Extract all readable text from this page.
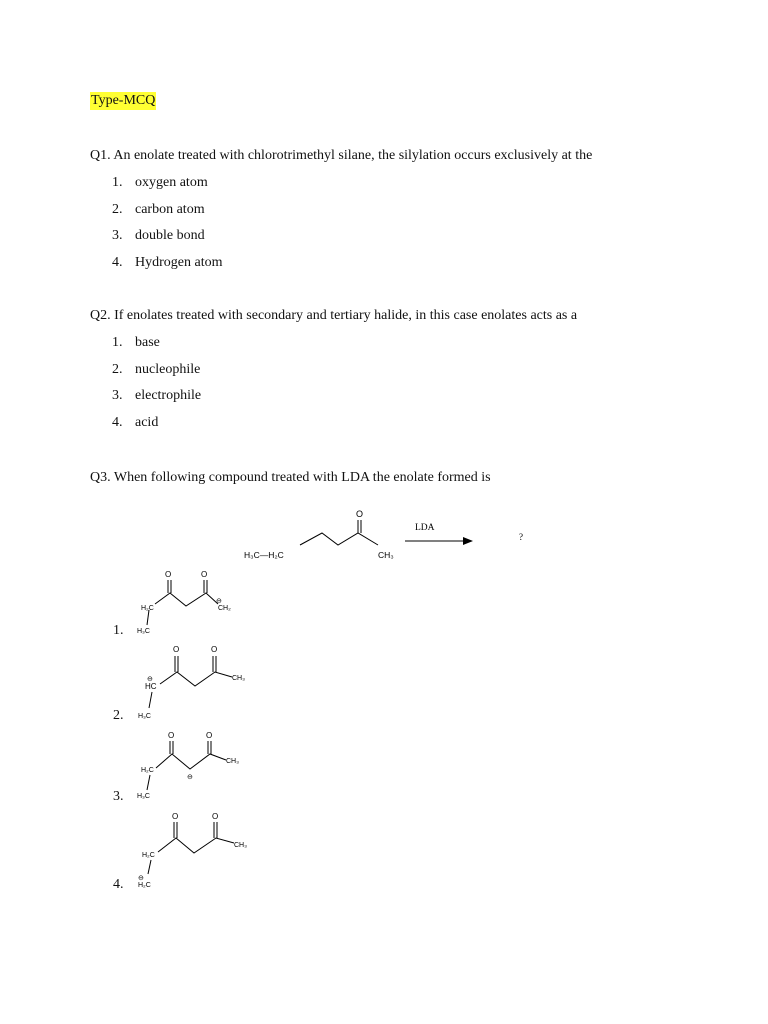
Type-MCQ
Q1. An enolate treated with chlorotrimethyl silane, the silylation occurs exclusively at the
1. oxygen atom
2. carbon atom
3. double bond
4. Hydrogen atom
Q2. If enolates treated with secondary and tertiary halide, in this case enolates acts as a
1. base
2. nucleophile
3. electrophile
4. acid
Q3. When following compound treated with LDA the enolate formed is
O
H₃C—H₂C	CH₃
LDA
?
O	O
H₂C
H₃C
⊖
CH₂
O	O
⊖
HC
H₃C
CH₃
O	O
H₂C
⊖
H₃C
CH₃
O	O
H₂C
⊖
H₂C
CH₃
1.
2.
3.
4.
